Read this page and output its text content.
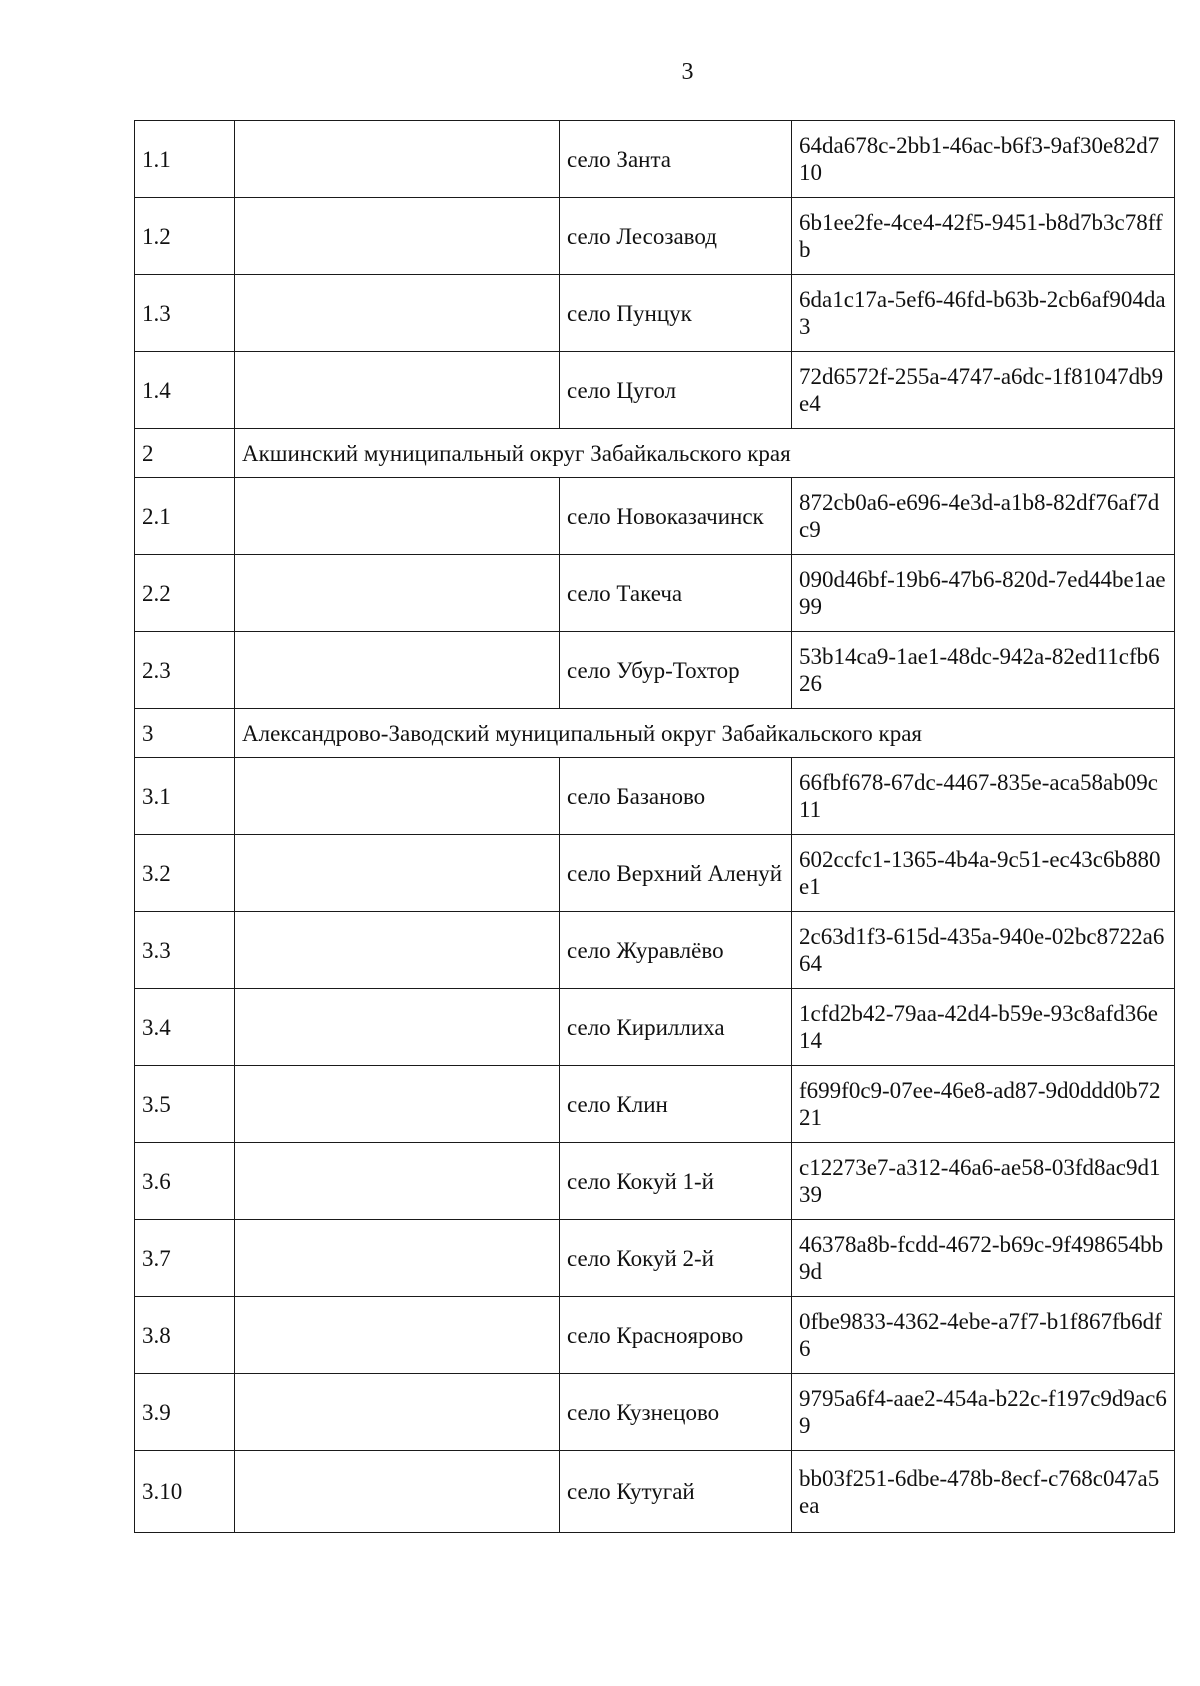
3
1.1		село Занта	64da678c-2bb1-46ac-b6f3-9af30e82d710
1.2		село Лесозавод	6b1ee2fe-4ce4-42f5-9451-b8d7b3c78ffb
1.3		село Пунцук	6da1c17a-5ef6-46fd-b63b-2cb6af904da3
1.4		село Цугол	72d6572f-255a-4747-a6dc-1f81047db9e4
2	Акшинский муниципальный округ Забайкальского края		
2.1		село Новоказачинск	872cb0a6-e696-4e3d-a1b8-82df76af7dc9
2.2		село Такеча	090d46bf-19b6-47b6-820d-7ed44be1ae99
2.3		село Убур-Тохтор	53b14ca9-1ae1-48dc-942a-82ed11cfb626
3	Александрово-Заводский муниципальный округ Забайкальского края		
3.1		село Базаново	66fbf678-67dc-4467-835e-aca58ab09c11
3.2		село Верхний Аленуй	602ccfc1-1365-4b4a-9c51-ec43c6b880e1
3.3		село Журавлёво	2c63d1f3-615d-435a-940e-02bc8722a664
3.4		село Кириллиха	1cfd2b42-79aa-42d4-b59e-93c8afd36e14
3.5		село Клин	f699f0c9-07ee-46e8-ad87-9d0ddd0b7221
3.6		село Кокуй 1-й	c12273e7-a312-46a6-ae58-03fd8ac9d139
3.7		село Кокуй 2-й	46378a8b-fcdd-4672-b69c-9f498654bb9d
3.8		село Краснoярово	0fbe9833-4362-4ebe-a7f7-b1f867fb6df6
3.9		село Кузнецово	9795a6f4-aae2-454a-b22c-f197c9d9ac69
3.10		село Кутугай	bb03f251-6dbe-478b-8ecf-c768c047a5ea
